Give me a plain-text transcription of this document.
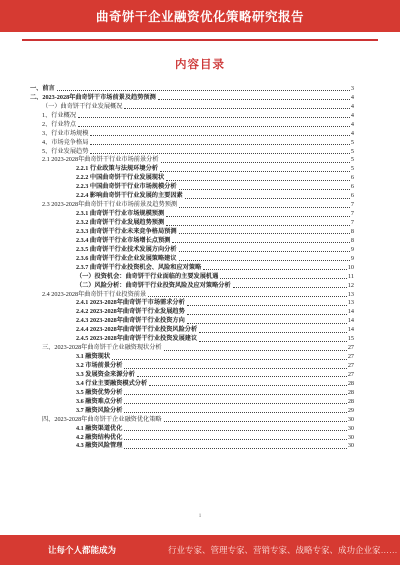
曲奇饼干企业融资优化策略研究报告
内容目录
一、前言	3
二、2023-2028年曲奇饼干市场前景及趋势预测	4
（一）曲奇饼干行业发展概况	4
1、行业概况	4
2、行业特点	4
3、行业市场规模	4
4、市场竞争格局	5
5、行业发展趋势	5
2.1 2023-2028年曲奇饼干行业市场前景分析	5
2.2.1 行业政策与法规环境分析	5
2.2.2 中国曲奇饼干行业发展现状	6
2.2.3 中国曲奇饼干行业市场规模分析	6
2.2.4 影响曲奇饼干行业发展的主要因素	6
2.3 2023-2028年曲奇饼干行业市场前景及趋势预测	7
2.3.1 曲奇饼干行业市场规模预测	7
2.3.2 曲奇饼干行业发展趋势预测	7
2.3.3 曲奇饼干行业未来竞争格局预测	8
2.3.4 曲奇饼干行业市场增长点预测	8
2.3.5 曲奇饼干行业技术发展方向分析	9
2.3.6 曲奇饼干行业企业发展策略建议	9
2.3.7 曲奇饼干行业投资机会、风险和应对策略	10
（一）投资机会：曲奇饼干行业面临的主要发展机遇	11
（二）风险分析：曲奇饼干行业投资风险及应对策略分析	12
2.4 2023-2028年曲奇饼干行业投资前景	13
2.4.1 2023-2028年曲奇饼干市场需求分析	13
2.4.2 2023-2028年曲奇饼干行业发展趋势	14
2.4.3 2023-2028年曲奇饼干行业投资方向	14
2.4.4 2023-2028年曲奇饼干行业投资风险分析	14
2.4.5 2023-2028年曲奇饼干行业投资发展建议	15
三、2023-2028年曲奇饼干企业融资现状分析	27
3.1 融资现状	27
3.2 市场前景分析	27
3.3 发展资金来源分析	27
3.4 行业主要融资模式分析	28
3.5 融资优势分析	28
3.6 融资难点分析	28
3.7 融资风险分析	29
四、2023-2028年曲奇饼干企业融资优化策略	30
4.1 融资渠道优化	30
4.2 融资结构优化	30
4.3 融资风险管理	30
1
让每个人都能成为	行业专家、管理专家、营销专家、战略专家、成功企业家……
